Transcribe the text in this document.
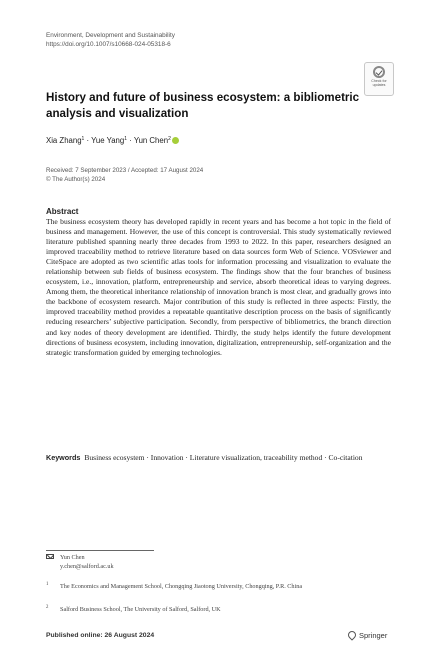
Environment, Development and Sustainability
https://doi.org/10.1007/s10668-024-05318-6
Check for
updates
History and future of business ecosystem: a bibliometric analysis and visualization
Xia Zhang$^1$ · Yue Yang$^1$ · Yun Chen$^2$
Received: 7 September 2023 / Accepted: 17 August 2024
© The Author(s) 2024
Abstract
The business ecosystem theory has developed rapidly in recent years and has become a hot topic in the field of business and management. However, the use of this concept is controversial. This study systematically reviewed literature published spanning nearly three decades from 1993 to 2022. In this paper, researchers designed an improved traceability method to retrieve literature based on data sources form Web of Science. VOSviewer and CiteSpace are adopted as two scientific atlas tools for information processing and visualization to evaluate the relationship between sub fields of business ecosystem. The findings show that the four branches of business ecosystem, i.e., innovation, platform, entrepreneurship and service, absorb theoretical ideas to varying degrees. Among them, the theoretical inheritance relationship of innovation branch is most clear, and gradually grows into the backbone of ecosystem research. Major contribution of this study is reflected in three aspects: Firstly, the improved traceability method provides a repeatable quantitative description process on the basis of significantly reducing researchers’ subjective participation. Secondly, from perspective of bibliometrics, the branch direction and key nodes of theory development are identified. Thirdly, the study helps identify the future development directions of business ecosystem, including innovation, digitalization, entrepreneurship, self-organization and the strategic transformation guided by emerging technologies.
Keywords Business ecosystem · Innovation · Literature visualization, traceability method · Co-citation
Yun Chen
y.chen@salford.ac.uk
1	The Economics and Management School, Chongqing Jiaotong University, Chongqing, P.R. China
2	Salford Business School, The University of Salford, Salford, UK
Published online: 26 August 2024	Springer
